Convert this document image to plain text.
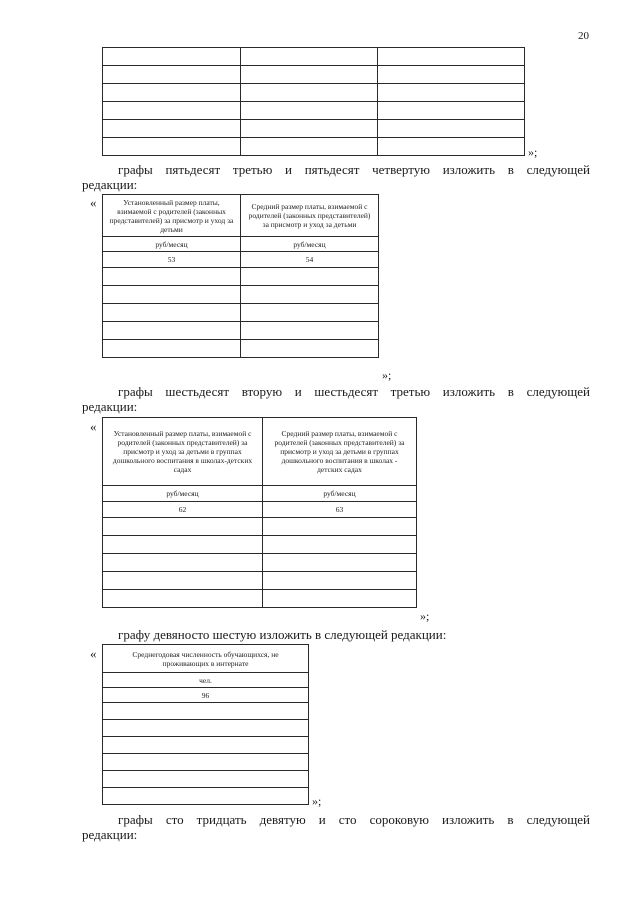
20

»;
графы пятьдесят третью и пятьдесят четвертую изложить в следующей
редакции:
«	Установленный размер платы, взимаемой с родителей (законных представителей) за присмотр и уход за детьми	Средний размер платы, взимаемой с родителей (законных представителей) за присмотр и уход за детьми
руб/месяц	руб/месяц
53	54

»;
графы шестьдесят вторую и шестьдесят третью изложить в следующей
редакции:
« Установленный размер платы, взимаемой с родителей (законных представителей) за присмотр и уход за детьми в группах дошкольного воспитания в школах-детских садах	Средний размер платы, взимаемой с родителей (законных представителей) за присмотр и уход за детьми в группах дошкольного воспитания в школах - детских садах
руб/месяц	руб/месяц
62	63

»;
графу девяносто шестую изложить в следующей редакции:
«	Среднегодовая численность обучающихся, не проживающих в интернате
чел.
96

»;
графы сто тридцать девятую и сто сороковую изложить в следующей
редакции:
